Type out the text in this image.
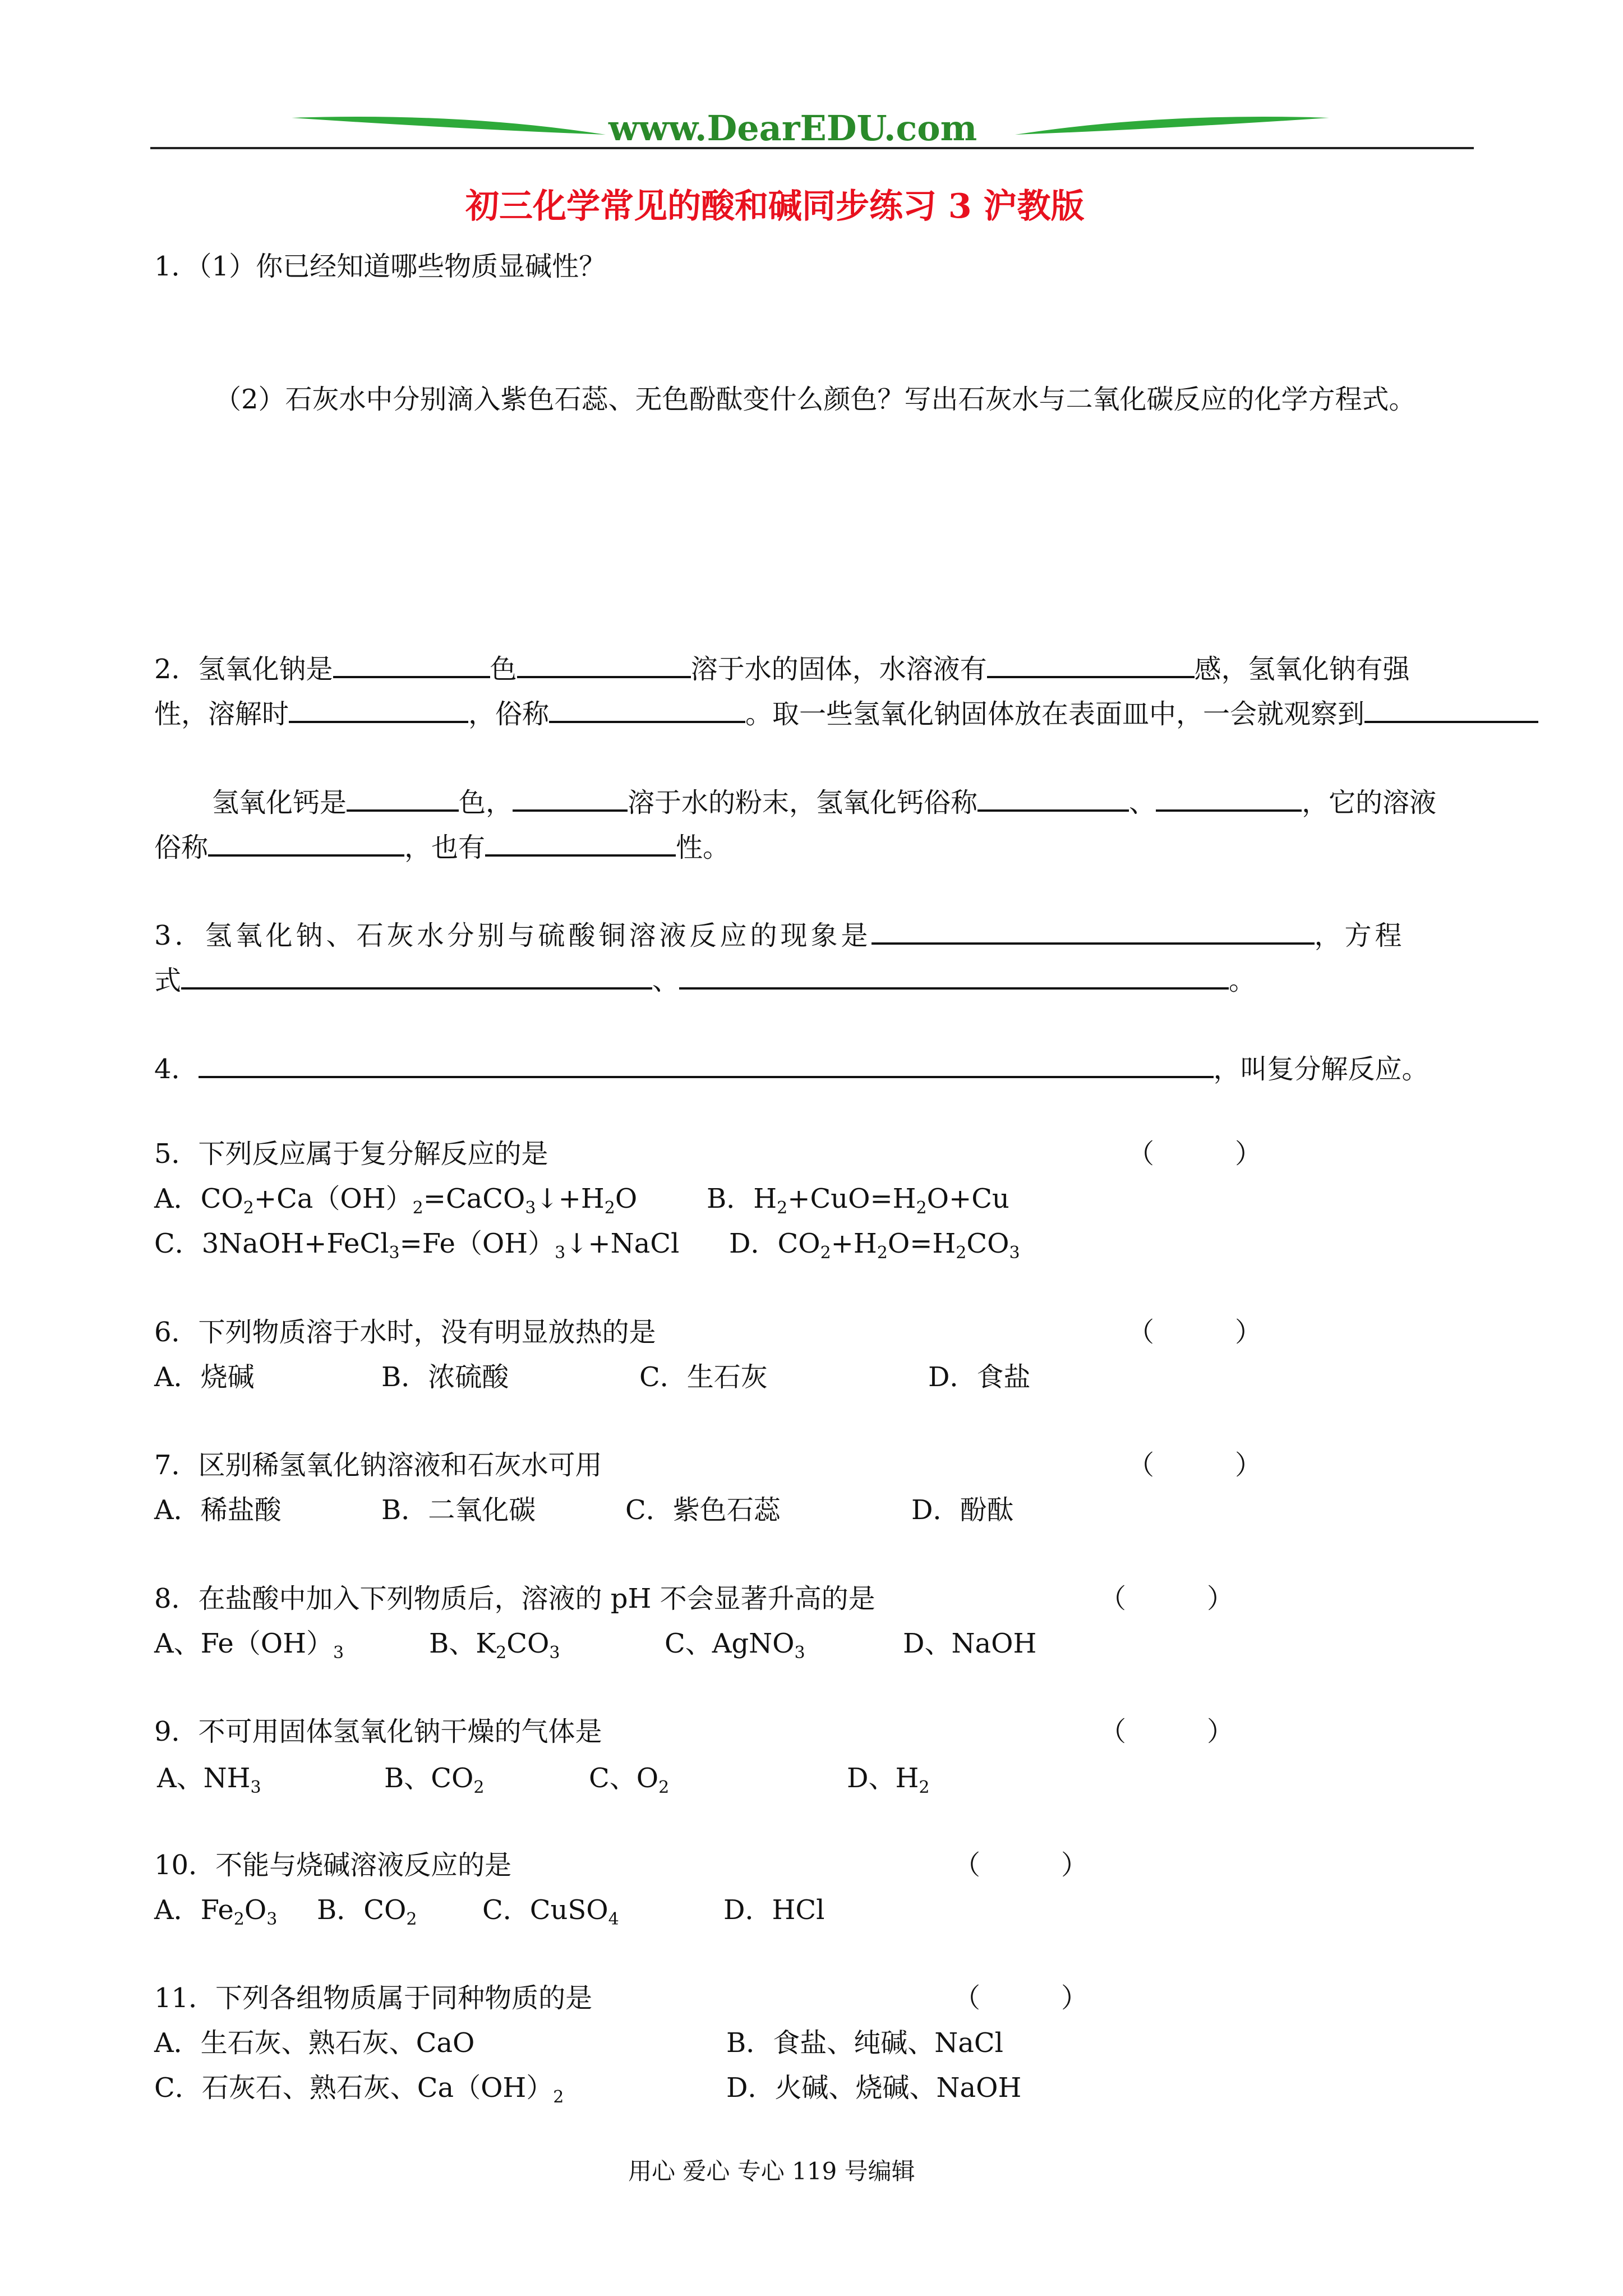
www.DearEDU.com
初三化学常见的酸和碱同步练习 3 沪教版
1．（1）你已经知道哪些物质显碱性？
（2）石灰水中分别滴入紫色石蕊、无色酚酞变什么颜色？写出石灰水与二氧化碳反应的化学方程式。
2．氢氧化钠是	色	溶于水的固体，水溶液有	感，氢氧化钠有强
性，溶解时	，俗称	。取一些氢氧化钠固体放在表面皿中，一会就观察到
氢氧化钙是	色，	溶于水的粉末，氢氧化钙俗称	、	，它的溶液
俗称	，也有	性。
3．氢氧化钠、石灰水分别与硫酸铜溶液反应的现象是	，方程
式	、	。
4．	，叫复分解反应。
5．下列反应属于复分解反应的是	（　　　）
A．$CO_2+Ca(OH)_2=CaCO_3↓+H_2O$	B．$H_2+CuO=H_2O+Cu$
C．$3NaOH+FeCl_3=Fe(OH)_3↓+NaCl$ D．$CO_2+H_2O=H_2CO_3$
6．下列物质溶于水时，没有明显放热的是	（　　　）
A．烧碱	B．浓硫酸	C．生石灰	D．食盐
7．区别稀氢氧化钠溶液和石灰水可用	（　　　）
A．稀盐酸	B．二氧化碳	C．紫色石蕊	D．酚酞
8．在盐酸中加入下列物质后，溶液的 pH 不会显著升高的是	（　　　）
A、$Fe(OH)_3$	B、$K_2CO_3$	C、AgNO$_3$	D、NaOH
9．不可用固体氢氧化钠干燥的气体是	（　　　）
A、$NH_3$	B、$CO_2$	C、$O_2$	D、$H_2$
10．不能与烧碱溶液反应的是	（　　　）
A．$Fe_2O_3$ B．$CO_2$ C．CuSO$_4$	D．HCl
11．下列各组物质属于同种物质的是	（　　　）
A．生石灰、熟石灰、CaO	B．食盐、纯碱、NaCl
C．石灰石、熟石灰、$Ca(OH)_2$	D．火碱、烧碱、NaOH
用心 爱心 专心 119 号编辑
